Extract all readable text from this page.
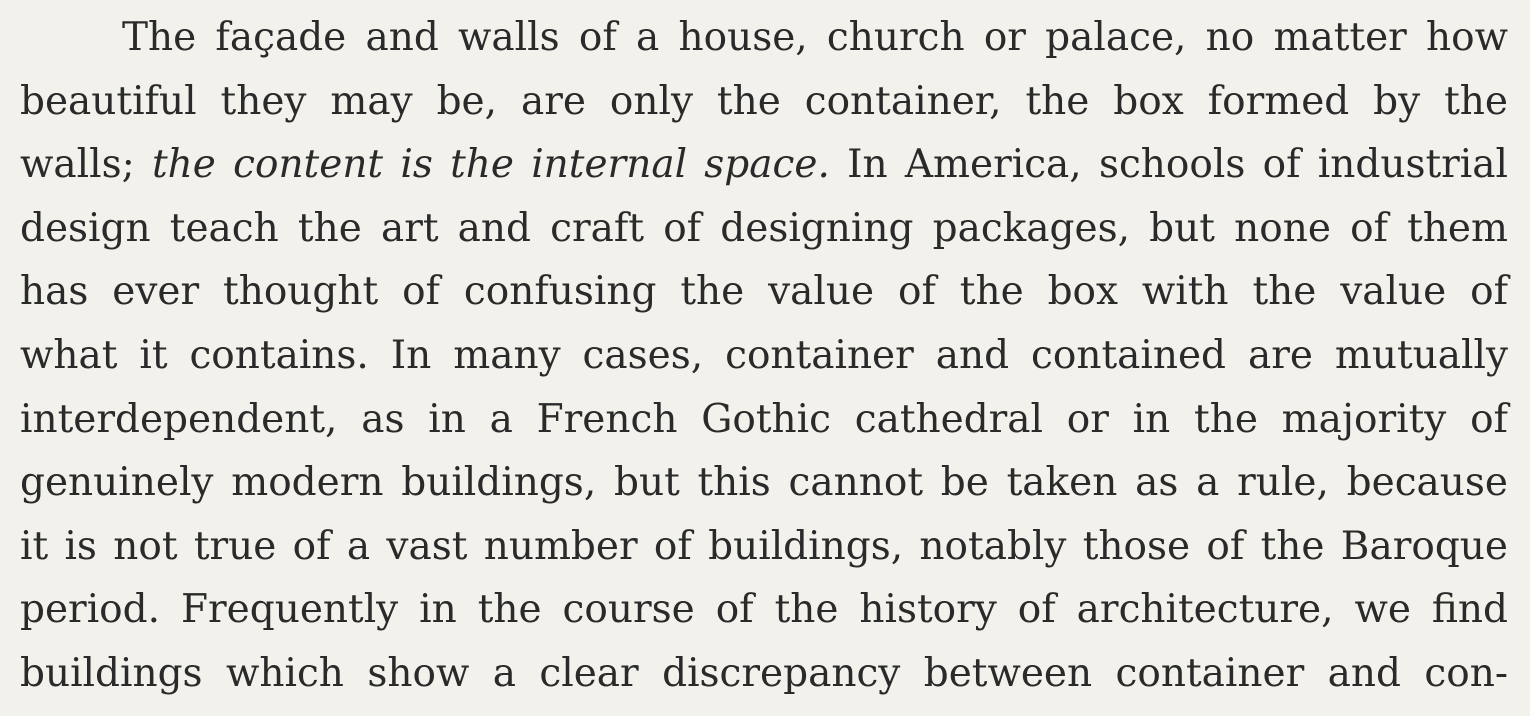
The façade and walls of a house, church or palace, no matter how
beautiful they may be, are only the container, the box formed by the
walls; the content is the internal space. In America, schools of industrial
design teach the art and craft of designing packages, but none of them
has ever thought of confusing the value of the box with the value of
what it contains. In many cases, container and contained are mutually
interdependent, as in a French Gothic cathedral or in the majority of
genuinely modern buildings, but this cannot be taken as a rule, because
it is not true of a vast number of buildings, notably those of the Baroque
period. Frequently in the course of the history of architecture, we find
buildings which show a clear discrepancy between container and con-
